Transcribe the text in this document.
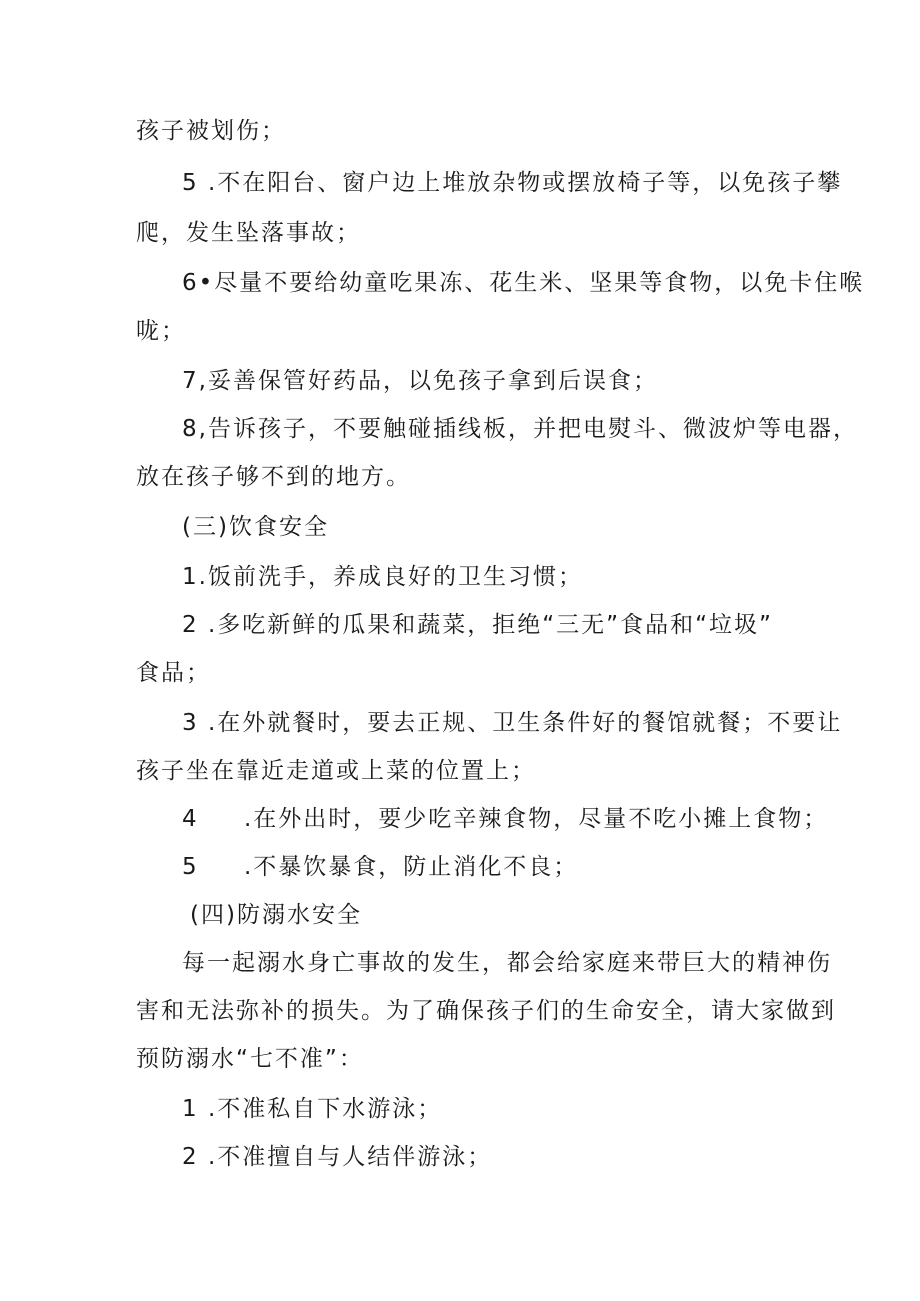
孩子被划伤；
5 .不在阳台、窗户边上堆放杂物或摆放椅子等，以免孩子攀
爬，发生坠落事故；
6•尽量不要给幼童吃果冻、花生米、坚果等食物，以免卡住喉
咙；
7,妥善保管好药品，以免孩子拿到后误食；
8,告诉孩子，不要触碰插线板，并把电熨斗、微波炉等电器，
放在孩子够不到的地方。
(三)饮食安全
1.饭前洗手，养成良好的卫生习惯；
2 .多吃新鲜的瓜果和蔬菜，拒绝“三无”食品和“垃圾”
食品；
3 .在外就餐时，要去正规、卫生条件好的餐馆就餐；不要让
孩子坐在靠近走道或上菜的位置上；
4 .在外出时，要少吃辛辣食物，尽量不吃小摊上食物；
5 .不暴饮暴食，防止消化不良；
(四)防溺水安全
每一起溺水身亡事故的发生，都会给家庭来带巨大的精神伤
害和无法弥补的损失。为了确保孩子们的生命安全，请大家做到
预防溺水“七不准”：
1 .不准私自下水游泳；
2 .不准擅自与人结伴游泳；
